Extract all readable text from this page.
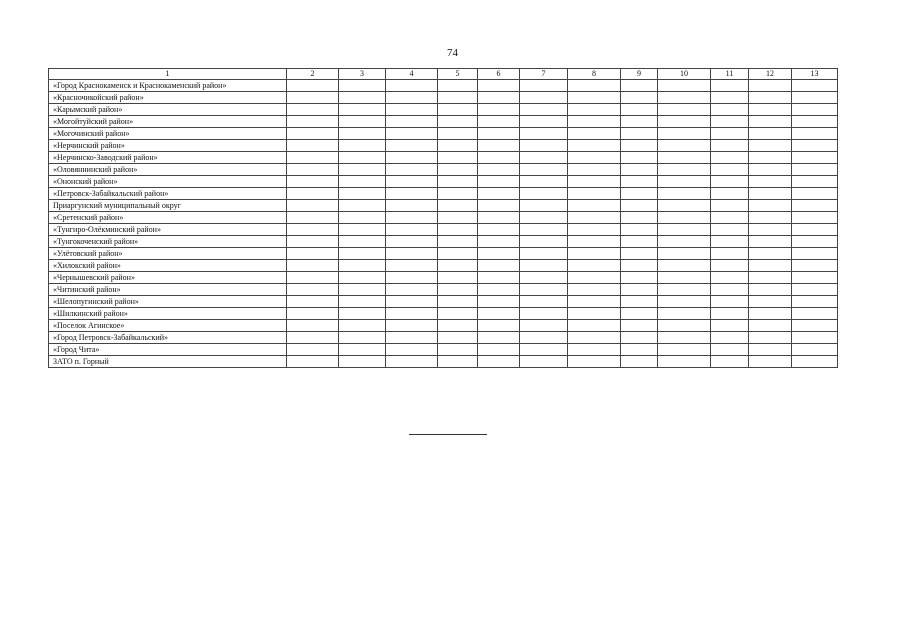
74
1	2	3	4	5	6	7	8	9	10	11	12	13
«Город Краснокаменск и Краснокаменский район»												
«Красночикойский район»												
«Карымский район»												
«Могойтуйский район»												
«Могочинский район»												
«Нерчинский район»												
«Нерчинско-Заводский район»												
«Оловяннинский район»												
«Ононский район»												
«Петровск-Забайкальский район»												
Приаргунский муниципальный округ												
«Сретенский район»												
«Тунгиро-Олёкминский район»												
«Тунгокоченский район»												
«Улётовский район»												
«Хилокский район»												
«Чернышевский район»												
«Читинский район»												
«Шелопугинский район»												
«Шилкинский район»												
«Поселок Агинское»												
«Город Петровск-Забайкальский»												
«Город Чита»												
ЗАТО п. Горный												
